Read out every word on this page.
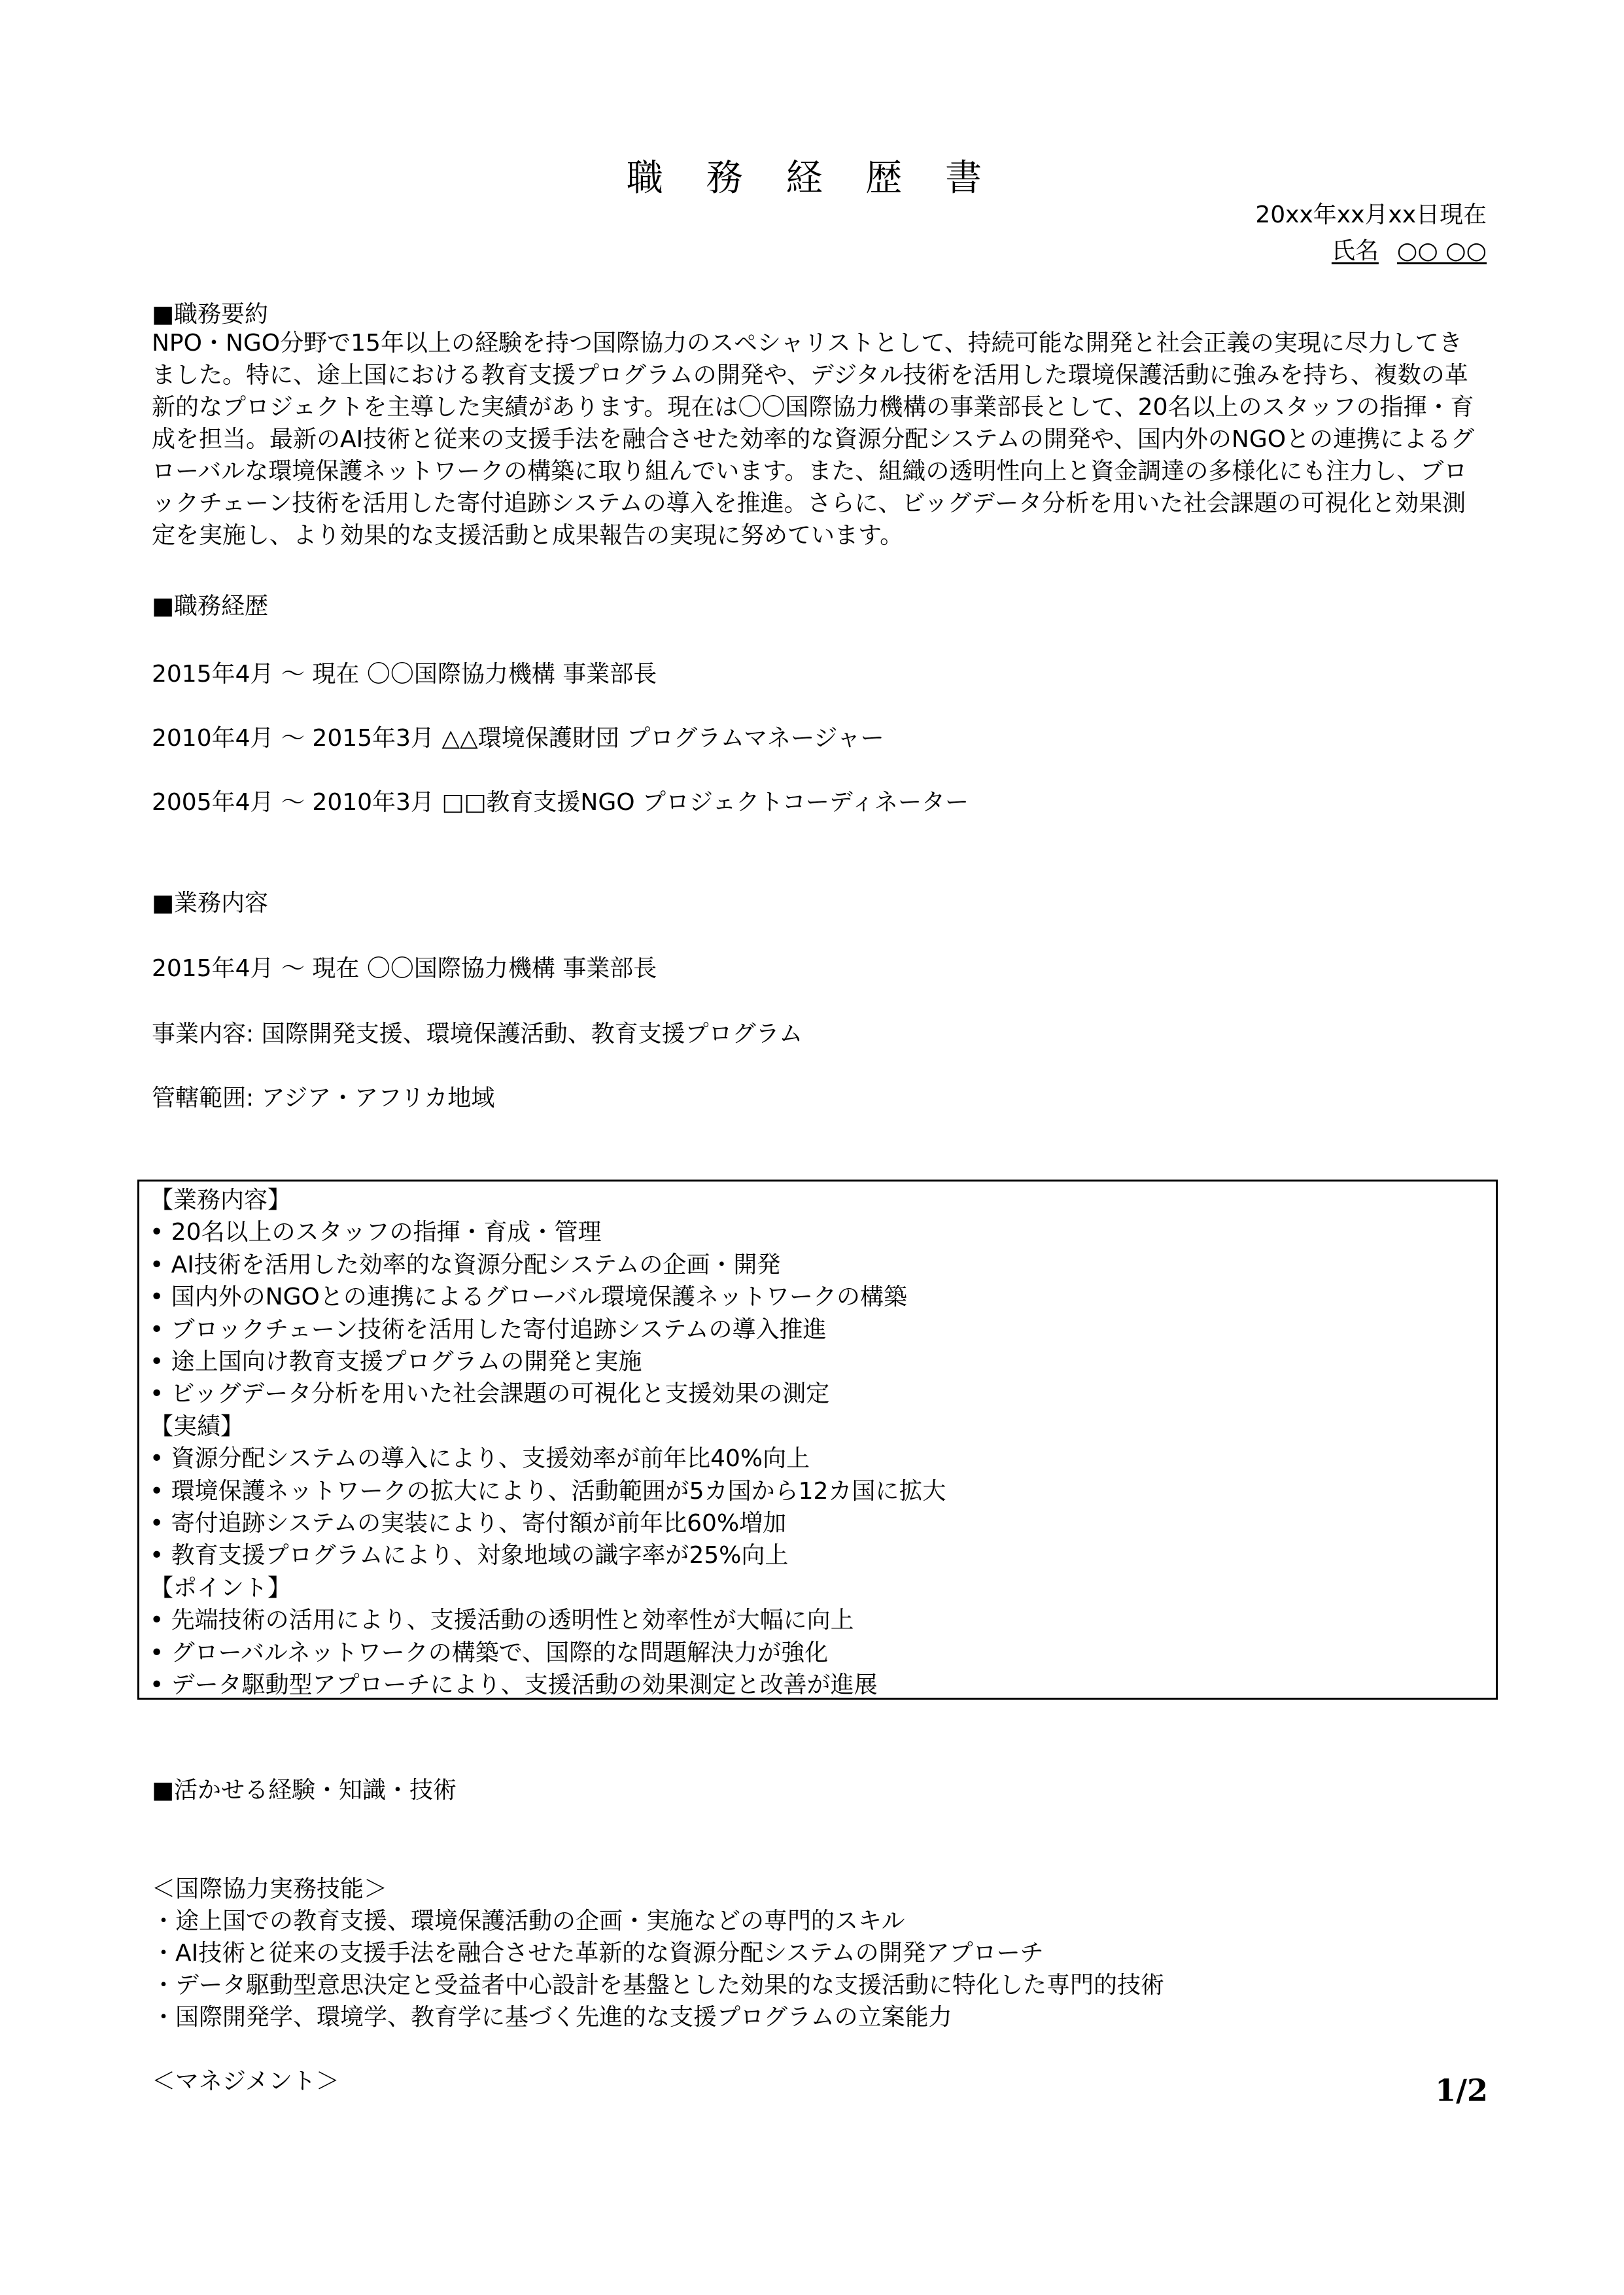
職 務 経 歴 書
20xx年xx月xx日現在
氏名 ○○ ○○
■職務要約
NPO・NGO分野で15年以上の経験を持つ国際協力のスペシャリストとして、持続可能な開発と社会正義の実現に尽力してきました。特に、途上国における教育支援プログラムの開発や、デジタル技術を活用した環境保護活動に強みを持ち、複数の革新的なプロジェクトを主導した実績があります。現在は〇〇国際協力機構の事業部長として、20名以上のスタッフの指揮・育成を担当。最新のAI技術と従来の支援手法を融合させた効率的な資源分配システムの開発や、国内外のNGOとの連携によるグローバルな環境保護ネットワークの構築に取り組んでいます。また、組織の透明性向上と資金調達の多様化にも注力し、ブロックチェーン技術を活用した寄付追跡システムの導入を推進。さらに、ビッグデータ分析を用いた社会課題の可視化と効果測定を実施し、より効果的な支援活動と成果報告の実現に努めています。
■職務経歴
2015年4月 〜 現在 〇〇国際協力機構 事業部長
2010年4月 〜 2015年3月 △△環境保護財団 プログラムマネージャー
2005年4月 〜 2010年3月 □□教育支援NGO プロジェクトコーディネーター
■業務内容
2015年4月 〜 現在 〇〇国際協力機構 事業部長
事業内容: 国際開発支援、環境保護活動、教育支援プログラム
管轄範囲: アジア・アフリカ地域
【業務内容】
• 20名以上のスタッフの指揮・育成・管理
• AI技術を活用した効率的な資源分配システムの企画・開発
• 国内外のNGOとの連携によるグローバル環境保護ネットワークの構築
• ブロックチェーン技術を活用した寄付追跡システムの導入推進
• 途上国向け教育支援プログラムの開発と実施
• ビッグデータ分析を用いた社会課題の可視化と支援効果の測定
【実績】
• 資源分配システムの導入により、支援効率が前年比40%向上
• 環境保護ネットワークの拡大により、活動範囲が5カ国から12カ国に拡大
• 寄付追跡システムの実装により、寄付額が前年比60%増加
• 教育支援プログラムにより、対象地域の識字率が25%向上
【ポイント】
• 先端技術の活用により、支援活動の透明性と効率性が大幅に向上
• グローバルネットワークの構築で、国際的な問題解決力が強化
• データ駆動型アプローチにより、支援活動の効果測定と改善が進展
■活かせる経験・知識・技術
＜国際協力実務技能＞
・途上国での教育支援、環境保護活動の企画・実施などの専門的スキル
・AI技術と従来の支援手法を融合させた革新的な資源分配システムの開発アプローチ
・データ駆動型意思決定と受益者中心設計を基盤とした効果的な支援活動に特化した専門的技術
・国際開発学、環境学、教育学に基づく先進的な支援プログラムの立案能力
＜マネジメント＞	1/2
